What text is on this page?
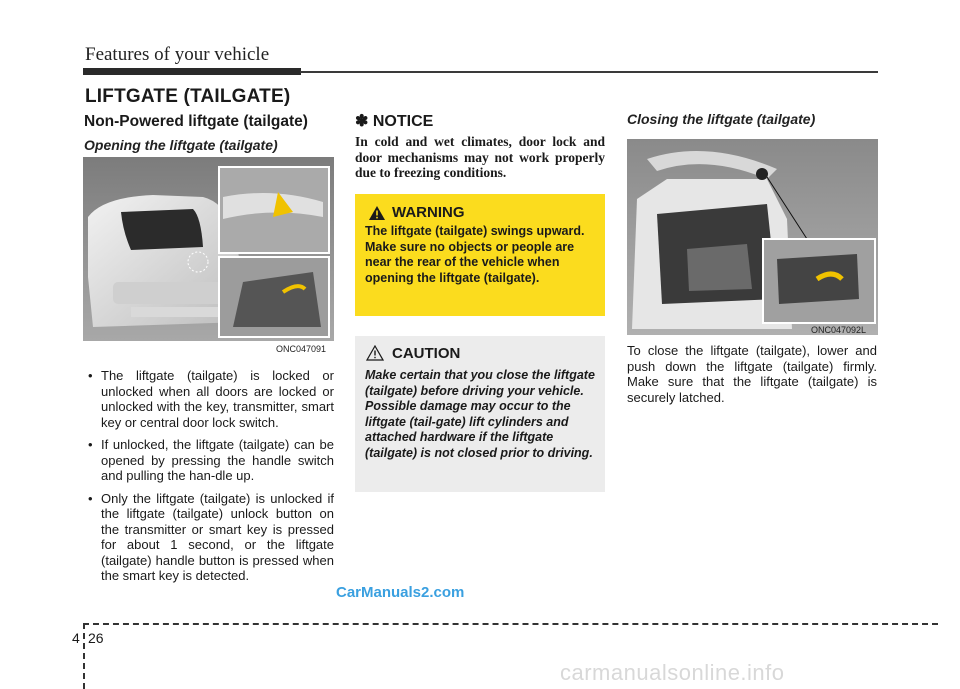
Features of your vehicle
LIFTGATE (TAILGATE)
Non-Powered liftgate (tailgate)
Opening the liftgate (tailgate)
ONC047091
• The liftgate (tailgate) is locked or unlocked when all doors are locked or unlocked with the key, transmitter, smart key or central door lock switch.
• If unlocked, the liftgate (tailgate) can be opened by pressing the handle switch and pulling the han-dle up.
• Only the liftgate (tailgate) is unlocked if the liftgate (tailgate) unlock button on the transmitter or smart key is pressed for about 1 second, or the liftgate (tailgate) handle button is pressed when the smart key is detected.
✽ NOTICE
In cold and wet climates, door lock and door mechanisms may not work properly due to freezing conditions.
WARNING
The liftgate (tailgate) swings upward. Make sure no objects or people are near the rear of the vehicle when opening the liftgate (tailgate).
CAUTION
Make certain that you close the liftgate (tailgate) before driving your vehicle. Possible damage may occur to the liftgate (tail-gate) lift cylinders and attached hardware if the liftgate (tailgate) is not closed prior to driving.
Closing the liftgate (tailgate)
ONC047092L
To close the liftgate (tailgate), lower and push down the liftgate (tailgate) firmly. Make sure that the liftgate (tailgate) is securely latched.
CarManuals2.com
4 26
carmanualsonline.info
